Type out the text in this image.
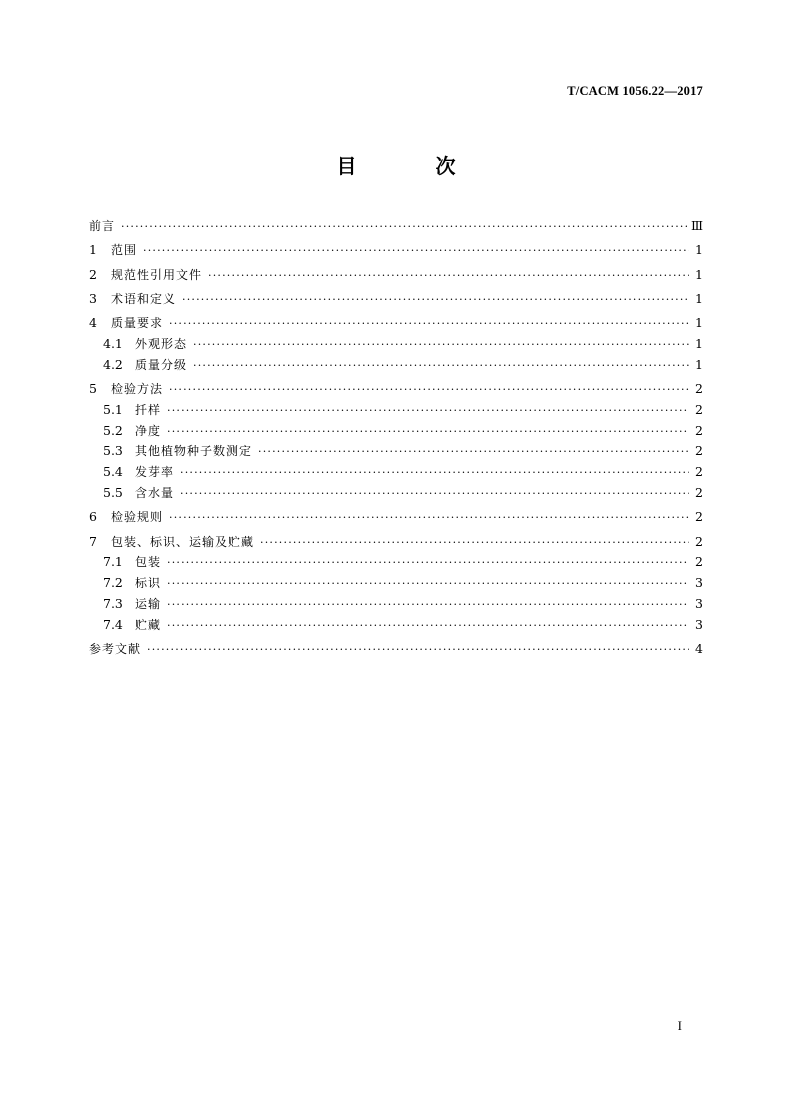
T/CACM 1056.22—2017
目 次
前言 ·····	Ⅲ
1	范围 ·····	1
2	规范性引用文件 ·····	1
3	术语和定义 ·····	1
4	质量要求 ·····	1
4.1	外观形态 ·····	1
4.2	质量分级 ·····	1
5	检验方法 ·····	2
5.1	扦样 ·····	2
5.2	净度 ·····	2
5.3	其他植物种子数测定 ·····	2
5.4	发芽率 ·····	2
5.5	含水量 ·····	2
6	检验规则 ·····	2
7	包装、标识、运输及贮藏 ·····	2
7.1	包装 ·····	2
7.2	标识 ·····	3
7.3	运输 ·····	3
7.4	贮藏 ·····	3
参考文献 ·····	4
I
